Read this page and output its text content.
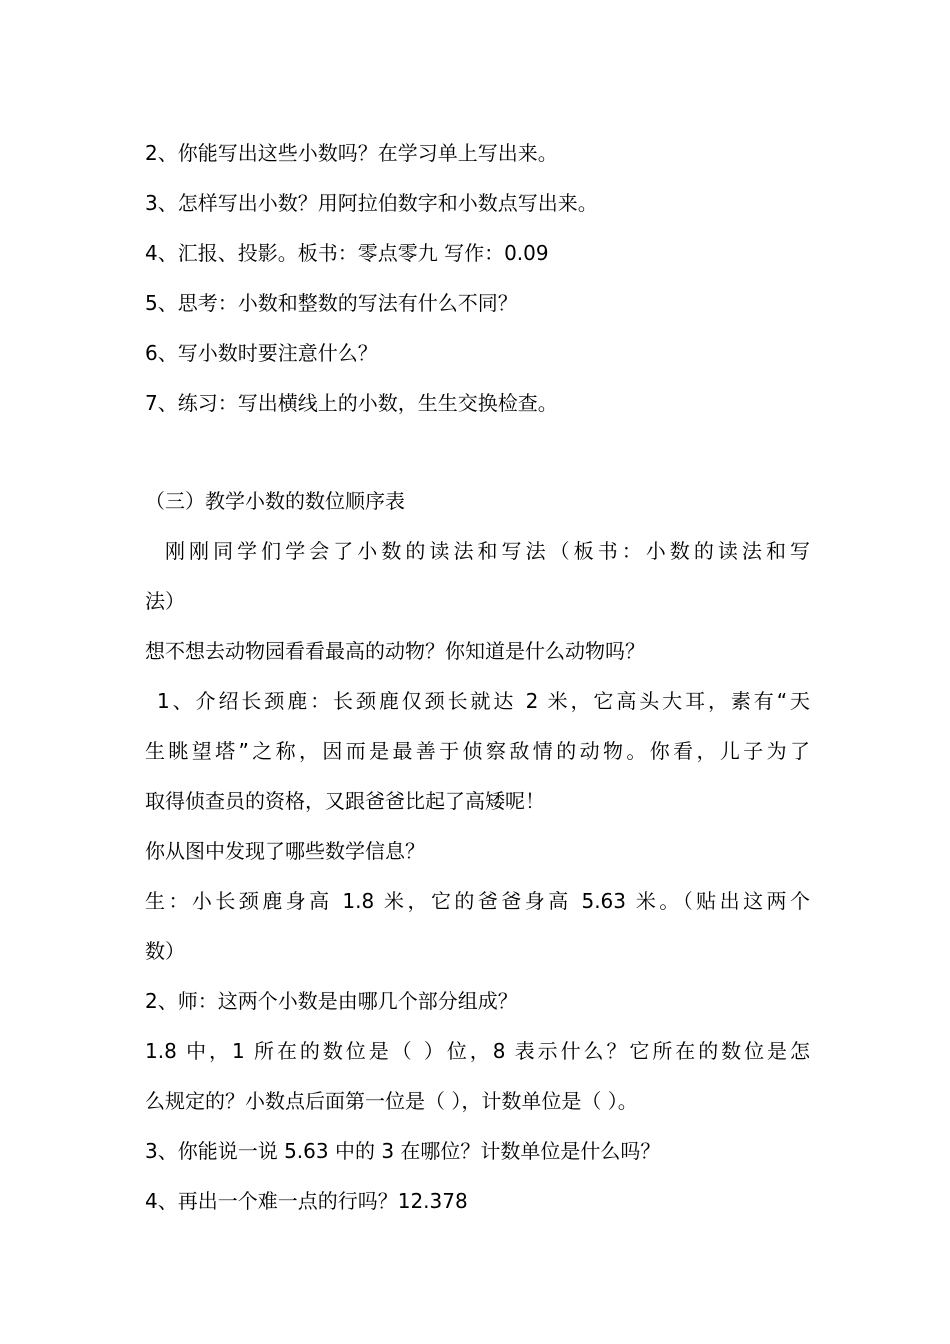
2、你能写出这些小数吗？在学习单上写出来。
3、怎样写出小数？用阿拉伯数字和小数点写出来。
4、汇报、投影。板书：零点零九 写作：0.09
5、思考：小数和整数的写法有什么不同？
6、写小数时要注意什么？
7、练习：写出横线上的小数，生生交换检查。
（三）教学小数的数位顺序表
刚刚同学们学会了小数的读法和写法（板书：小数的读法和写
法）
想不想去动物园看看最高的动物？你知道是什么动物吗？
1、介绍长颈鹿：长颈鹿仅颈长就达 2 米，它高头大耳，素有“天
生眺望塔”之称，因而是最善于侦察敌情的动物。你看，儿子为了
取得侦查员的资格，又跟爸爸比起了高矮呢！
你从图中发现了哪些数学信息？
生：小长颈鹿身高 1.8 米，它的爸爸身高 5.63 米。（贴出这两个
数）
2、师：这两个小数是由哪几个部分组成？
1.8 中，1 所在的数位是（ ）位，8 表示什么？它所在的数位是怎
么规定的？小数点后面第一位是（ ），计数单位是（ ）。
3、你能说一说 5.63 中的 3 在哪位？计数单位是什么吗？
4、再出一个难一点的行吗？12.378
